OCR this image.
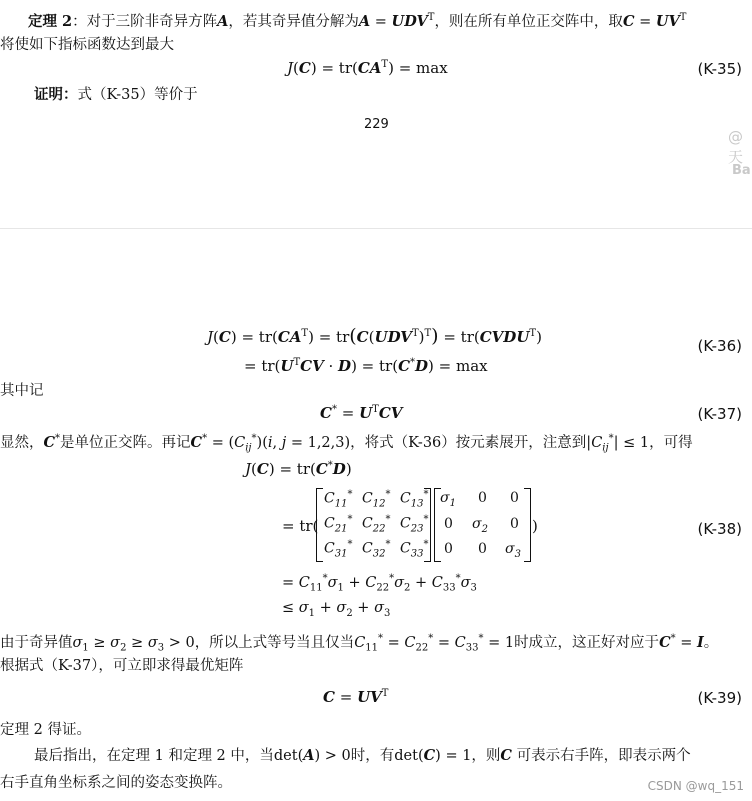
定理 2：对于三阶非奇异方阵A，若其奇异值分解为$A = UDV^T$，则在所有单位正交阵中，取$C = UV^T$
将使如下指标函数达到最大
$J(C) = tr(CA^T) = \max$	(K-35)
证明：式（K-35）等价于
229
@天
Ba
$J(C) = tr(CA^T) = tr(C(UDV^T)^T)$ = $tr(CVDU^T)$	(K-36)
= $tr(U^TCV \cdot D) = tr(C^*D) = \max$
其中记
$C^* = U^TCV$	(K-37)
显然，C*是单位正交阵。再记$C^* = (C_{ij}^*)(i$, j = 1,2,3)，将式（K-36）按元素展开，注意到$|C_{ij}^*| \le 1$，可得
J(C) = tr(C*D)
= tr(
$C_{11}^*$ $C_{12}^*$ $C_{13}^*$
$C_{21}^*$ $C_{22}^*$ $C_{23}^*$
$C_{31}^*$ $C_{32}^*$ $C_{33}^*$
$\sigma_1$ 0 0
0 $\sigma_2$ 0
0 0 $\sigma_3$
)	(K-38)
= $C_{11}^*\sigma_1 + C_{22}^*\sigma_2 + C_{33}^*\sigma_3$
≤ $\sigma_1 + \sigma_2 + \sigma_3$
由于奇异值$\sigma_1 \ge \sigma_2 \ge \sigma_3 > 0$，所以上式等号当且仅当$C_{11}^* = C_{22}^* = C_{33}^* = 1$时成立，这正好对应于C* = I。
根据式（K-37），可立即求得最优矩阵
$C = UV^T$	(K-39)
定理 2 得证。
最后指出，在定理 1 和定理 2 中，当det(A) > 0时，有det(C) = 1，则C 可表示右手阵，即表示两个
右手直角坐标系之间的姿态变换阵。	CSDN @wq_151
